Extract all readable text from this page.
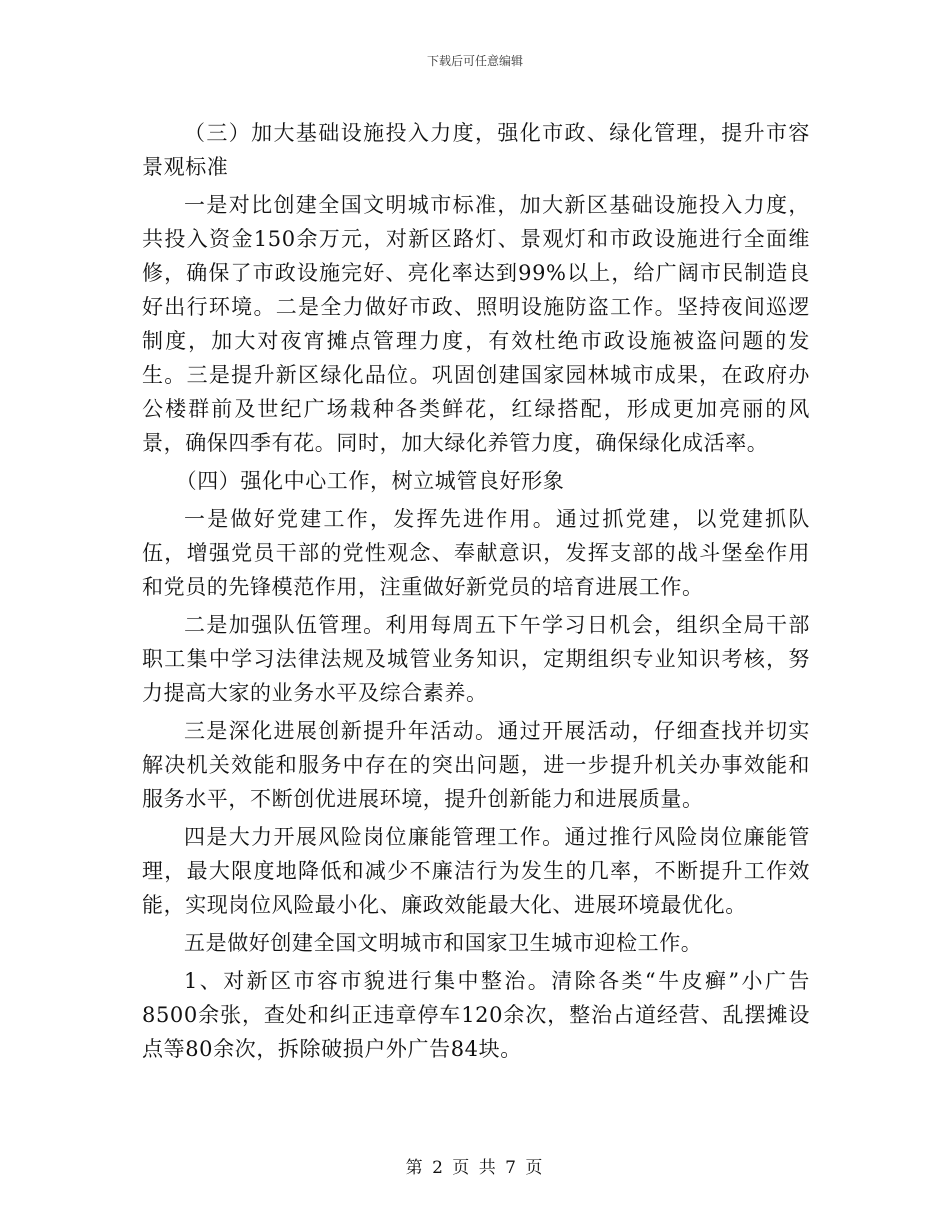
下载后可任意编辑

（三）加大基础设施投入力度，强化市政、绿化管理，提升市容景观标准

一是对比创建全国文明城市标准，加大新区基础设施投入力度，共投入资金150余万元，对新区路灯、景观灯和市政设施进行全面维修，确保了市政设施完好、亮化率达到99%以上，给广阔市民制造良好出行环境。二是全力做好市政、照明设施防盗工作。坚持夜间巡逻制度，加大对夜宵摊点管理力度，有效杜绝市政设施被盗问题的发生。三是提升新区绿化品位。巩固创建国家园林城市成果，在政府办公楼群前及世纪广场栽种各类鲜花，红绿搭配，形成更加亮丽的风景，确保四季有花。同时，加大绿化养管力度，确保绿化成活率。

（四）强化中心工作，树立城管良好形象

一是做好党建工作，发挥先进作用。通过抓党建，以党建抓队伍，增强党员干部的党性观念、奉献意识，发挥支部的战斗堡垒作用和党员的先锋模范作用，注重做好新党员的培育进展工作。

二是加强队伍管理。利用每周五下午学习日机会，组织全局干部职工集中学习法律法规及城管业务知识，定期组织专业知识考核，努力提高大家的业务水平及综合素养。

三是深化进展创新提升年活动。通过开展活动，仔细查找并切实解决机关效能和服务中存在的突出问题，进一步提升机关办事效能和服务水平，不断创优进展环境，提升创新能力和进展质量。

四是大力开展风险岗位廉能管理工作。通过推行风险岗位廉能管理，最大限度地降低和减少不廉洁行为发生的几率，不断提升工作效能，实现岗位风险最小化、廉政效能最大化、进展环境最优化。

五是做好创建全国文明城市和国家卫生城市迎检工作。

1、对新区市容市貌进行集中整治。清除各类“牛皮癣”小广告8500余张，查处和纠正违章停车120余次，整治占道经营、乱摆摊设点等80余次，拆除破损户外广告84块。

第 2 页 共 7 页
